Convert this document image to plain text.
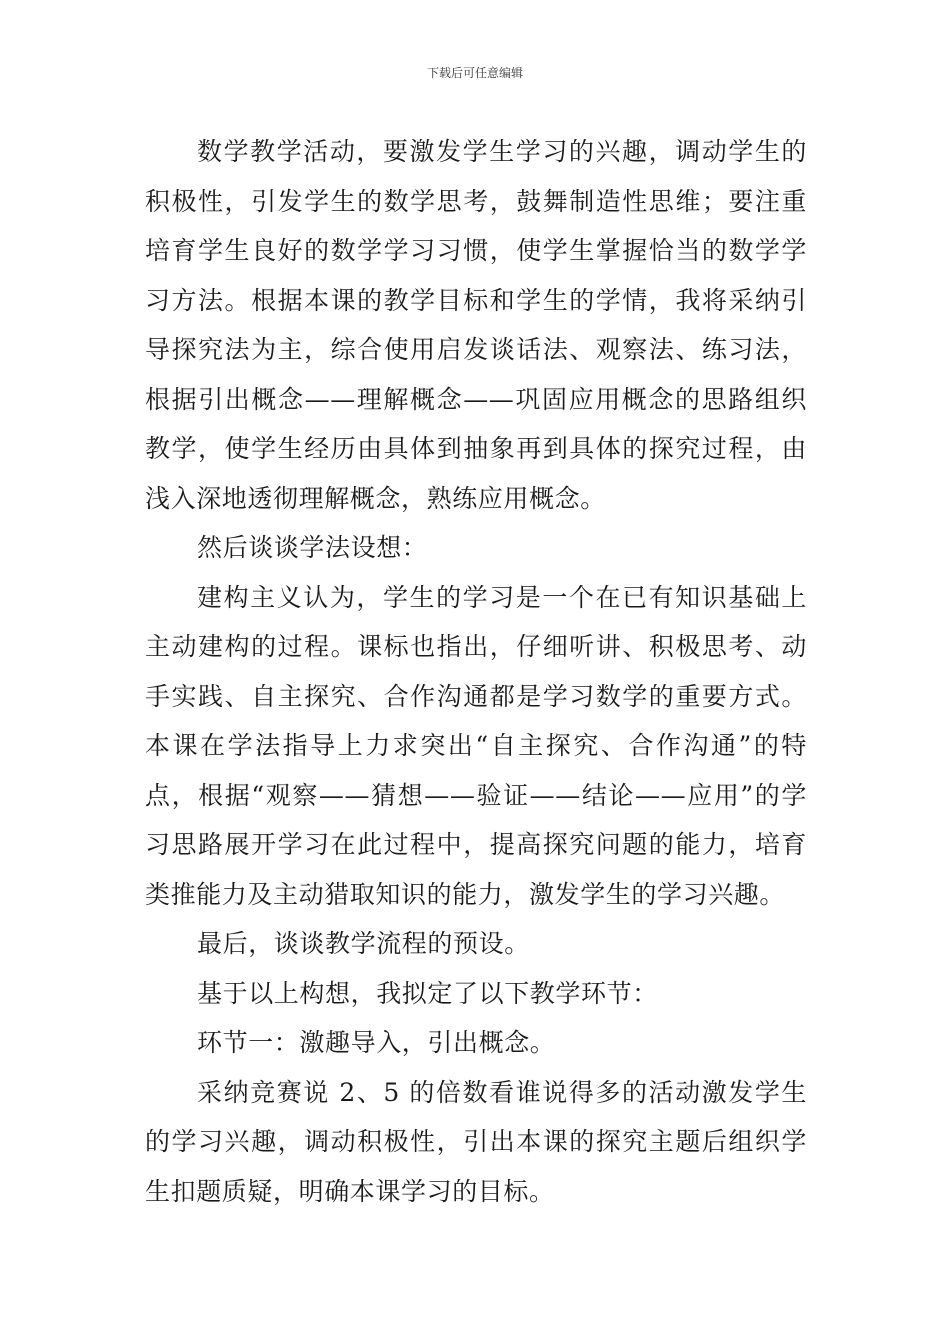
下载后可任意编辑

数学教学活动，要激发学生学习的兴趣，调动学生的积极性，引发学生的数学思考，鼓舞制造性思维；要注重培育学生良好的数学学习习惯，使学生掌握恰当的数学学习方法。根据本课的教学目标和学生的学情，我将采纳引导探究法为主，综合使用启发谈话法、观察法、练习法，根据引出概念——理解概念——巩固应用概念的思路组织教学，使学生经历由具体到抽象再到具体的探究过程，由浅入深地透彻理解概念，熟练应用概念。

然后谈谈学法设想：

建构主义认为，学生的学习是一个在已有知识基础上主动建构的过程。课标也指出，仔细听讲、积极思考、动手实践、自主探究、合作沟通都是学习数学的重要方式。本课在学法指导上力求突出“自主探究、合作沟通”的特点，根据“观察——猜想——验证——结论——应用”的学习思路展开学习在此过程中，提高探究问题的能力，培育类推能力及主动猎取知识的能力，激发学生的学习兴趣。

最后，谈谈教学流程的预设。

基于以上构想，我拟定了以下教学环节：

环节一：激趣导入，引出概念。

采纳竞赛说 2、5 的倍数看谁说得多的活动激发学生的学习兴趣，调动积极性，引出本课的探究主题后组织学生扣题质疑，明确本课学习的目标。
